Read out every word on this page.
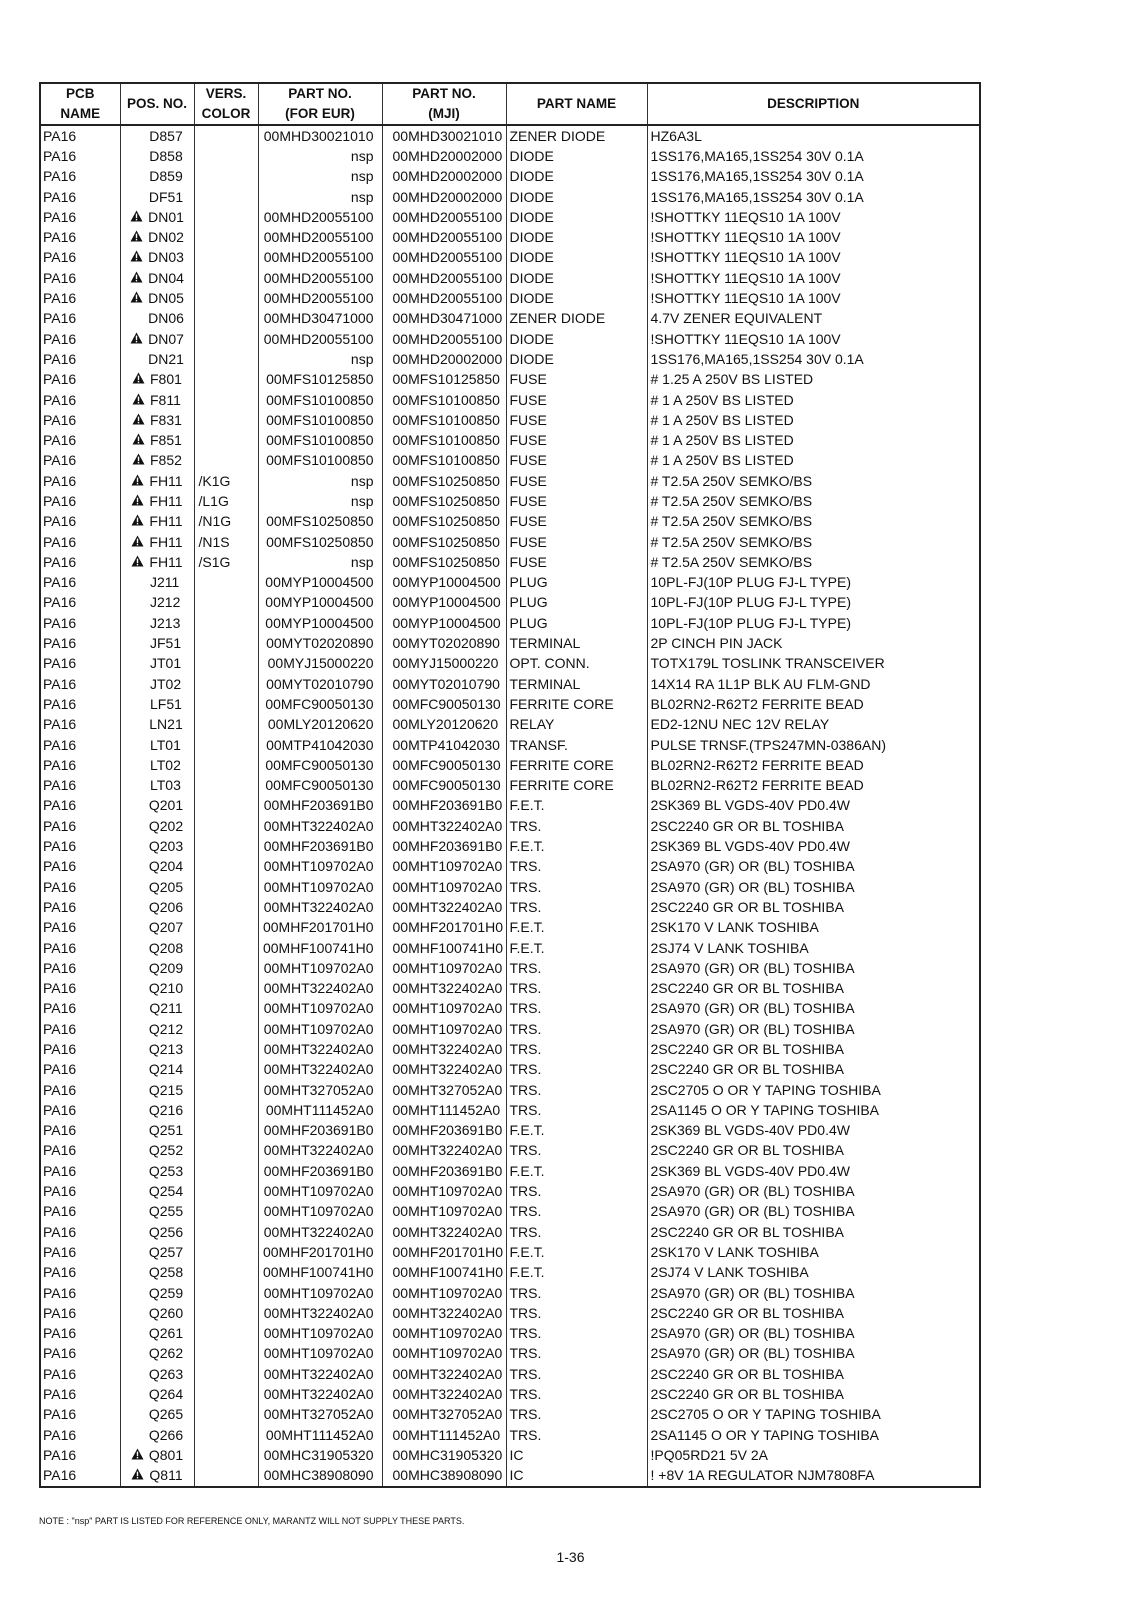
PCB	POS. NO.	VERS.	PART NO.	PART NO.	PART NAME	DESCRIPTION
NAME		COLOR	(FOR EUR)	(MJI)		
PA16	D857		00MHD30021010	00MHD30021010	ZENER DIODE	HZ6A3L
PA16	D858		nsp	00MHD20002000	DIODE	1SS176,MA165,1SS254 30V 0.1A
PA16	D859		nsp	00MHD20002000	DIODE	1SS176,MA165,1SS254 30V 0.1A
PA16	DF51		nsp	00MHD20002000	DIODE	1SS176,MA165,1SS254 30V 0.1A
PA16	DN01		00MHD20055100	00MHD20055100	DIODE	!SHOTTKY 11EQS10 1A 100V
PA16	DN02		00MHD20055100	00MHD20055100	DIODE	!SHOTTKY 11EQS10 1A 100V
PA16	DN03		00MHD20055100	00MHD20055100	DIODE	!SHOTTKY 11EQS10 1A 100V
PA16	DN04		00MHD20055100	00MHD20055100	DIODE	!SHOTTKY 11EQS10 1A 100V
PA16	DN05		00MHD20055100	00MHD20055100	DIODE	!SHOTTKY 11EQS10 1A 100V
PA16	DN06		00MHD30471000	00MHD30471000	ZENER DIODE	4.7V ZENER EQUIVALENT
PA16	DN07		00MHD20055100	00MHD20055100	DIODE	!SHOTTKY 11EQS10 1A 100V
PA16	DN21		nsp	00MHD20002000	DIODE	1SS176,MA165,1SS254 30V 0.1A
PA16	F801		00MFS10125850	00MFS10125850	FUSE	# 1.25 A 250V BS LISTED
PA16	F811		00MFS10100850	00MFS10100850	FUSE	# 1 A 250V BS LISTED
PA16	F831		00MFS10100850	00MFS10100850	FUSE	# 1 A 250V BS LISTED
PA16	F851		00MFS10100850	00MFS10100850	FUSE	# 1 A 250V BS LISTED
PA16	F852		00MFS10100850	00MFS10100850	FUSE	# 1 A 250V BS LISTED
PA16	FH11	/K1G	nsp	00MFS10250850	FUSE	# T2.5A 250V SEMKO/BS
PA16	FH11	/L1G	nsp	00MFS10250850	FUSE	# T2.5A 250V SEMKO/BS
PA16	FH11	/N1G	00MFS10250850	00MFS10250850	FUSE	# T2.5A 250V SEMKO/BS
PA16	FH11	/N1S	00MFS10250850	00MFS10250850	FUSE	# T2.5A 250V SEMKO/BS
PA16	FH11	/S1G	nsp	00MFS10250850	FUSE	# T2.5A 250V SEMKO/BS
PA16	J211		00MYP10004500	00MYP10004500	PLUG	10PL-FJ(10P PLUG FJ-L TYPE)
PA16	J212		00MYP10004500	00MYP10004500	PLUG	10PL-FJ(10P PLUG FJ-L TYPE)
PA16	J213		00MYP10004500	00MYP10004500	PLUG	10PL-FJ(10P PLUG FJ-L TYPE)
PA16	JF51		00MYT02020890	00MYT02020890	TERMINAL	2P CINCH PIN JACK
PA16	JT01		00MYJ15000220	00MYJ15000220	OPT. CONN.	TOTX179L TOSLINK TRANSCEIVER
PA16	JT02		00MYT02010790	00MYT02010790	TERMINAL	14X14 RA 1L1P BLK AU FLM-GND
PA16	LF51		00MFC90050130	00MFC90050130	FERRITE CORE	BL02RN2-R62T2 FERRITE BEAD
PA16	LN21		00MLY20120620	00MLY20120620	RELAY	ED2-12NU NEC 12V RELAY
PA16	LT01		00MTP41042030	00MTP41042030	TRANSF.	PULSE TRNSF.(TPS247MN-0386AN)
PA16	LT02		00MFC90050130	00MFC90050130	FERRITE CORE	BL02RN2-R62T2 FERRITE BEAD
PA16	LT03		00MFC90050130	00MFC90050130	FERRITE CORE	BL02RN2-R62T2 FERRITE BEAD
PA16	Q201		00MHF203691B0	00MHF203691B0	F.E.T.	2SK369 BL VGDS-40V PD0.4W
PA16	Q202		00MHT322402A0	00MHT322402A0	TRS.	2SC2240 GR OR BL TOSHIBA
PA16	Q203		00MHF203691B0	00MHF203691B0	F.E.T.	2SK369 BL VGDS-40V PD0.4W
PA16	Q204		00MHT109702A0	00MHT109702A0	TRS.	2SA970 (GR) OR (BL) TOSHIBA
PA16	Q205		00MHT109702A0	00MHT109702A0	TRS.	2SA970 (GR) OR (BL) TOSHIBA
PA16	Q206		00MHT322402A0	00MHT322402A0	TRS.	2SC2240 GR OR BL TOSHIBA
PA16	Q207		00MHF201701H0	00MHF201701H0	F.E.T.	2SK170 V LANK TOSHIBA
PA16	Q208		00MHF100741H0	00MHF100741H0	F.E.T.	2SJ74 V LANK TOSHIBA
PA16	Q209		00MHT109702A0	00MHT109702A0	TRS.	2SA970 (GR) OR (BL) TOSHIBA
PA16	Q210		00MHT322402A0	00MHT322402A0	TRS.	2SC2240 GR OR BL TOSHIBA
PA16	Q211		00MHT109702A0	00MHT109702A0	TRS.	2SA970 (GR) OR (BL) TOSHIBA
PA16	Q212		00MHT109702A0	00MHT109702A0	TRS.	2SA970 (GR) OR (BL) TOSHIBA
PA16	Q213		00MHT322402A0	00MHT322402A0	TRS.	2SC2240 GR OR BL TOSHIBA
PA16	Q214		00MHT322402A0	00MHT322402A0	TRS.	2SC2240 GR OR BL TOSHIBA
PA16	Q215		00MHT327052A0	00MHT327052A0	TRS.	2SC2705 O OR Y TAPING TOSHIBA
PA16	Q216		00MHT111452A0	00MHT111452A0	TRS.	2SA1145 O OR Y TAPING TOSHIBA
PA16	Q251		00MHF203691B0	00MHF203691B0	F.E.T.	2SK369 BL VGDS-40V PD0.4W
PA16	Q252		00MHT322402A0	00MHT322402A0	TRS.	2SC2240 GR OR BL TOSHIBA
PA16	Q253		00MHF203691B0	00MHF203691B0	F.E.T.	2SK369 BL VGDS-40V PD0.4W
PA16	Q254		00MHT109702A0	00MHT109702A0	TRS.	2SA970 (GR) OR (BL) TOSHIBA
PA16	Q255		00MHT109702A0	00MHT109702A0	TRS.	2SA970 (GR) OR (BL) TOSHIBA
PA16	Q256		00MHT322402A0	00MHT322402A0	TRS.	2SC2240 GR OR BL TOSHIBA
PA16	Q257		00MHF201701H0	00MHF201701H0	F.E.T.	2SK170 V LANK TOSHIBA
PA16	Q258		00MHF100741H0	00MHF100741H0	F.E.T.	2SJ74 V LANK TOSHIBA
PA16	Q259		00MHT109702A0	00MHT109702A0	TRS.	2SA970 (GR) OR (BL) TOSHIBA
PA16	Q260		00MHT322402A0	00MHT322402A0	TRS.	2SC2240 GR OR BL TOSHIBA
PA16	Q261		00MHT109702A0	00MHT109702A0	TRS.	2SA970 (GR) OR (BL) TOSHIBA
PA16	Q262		00MHT109702A0	00MHT109702A0	TRS.	2SA970 (GR) OR (BL) TOSHIBA
PA16	Q263		00MHT322402A0	00MHT322402A0	TRS.	2SC2240 GR OR BL TOSHIBA
PA16	Q264		00MHT322402A0	00MHT322402A0	TRS.	2SC2240 GR OR BL TOSHIBA
PA16	Q265		00MHT327052A0	00MHT327052A0	TRS.	2SC2705 O OR Y TAPING TOSHIBA
PA16	Q266		00MHT111452A0	00MHT111452A0	TRS.	2SA1145 O OR Y TAPING TOSHIBA
PA16	Q801		00MHC31905320	00MHC31905320	IC	!PQ05RD21 5V 2A
PA16	Q811		00MHC38908090	00MHC38908090	IC	! +8V 1A REGULATOR NJM7808FA
NOTE : "nsp" PART IS LISTED FOR REFERENCE ONLY, MARANTZ WILL NOT SUPPLY THESE PARTS.
1-36
